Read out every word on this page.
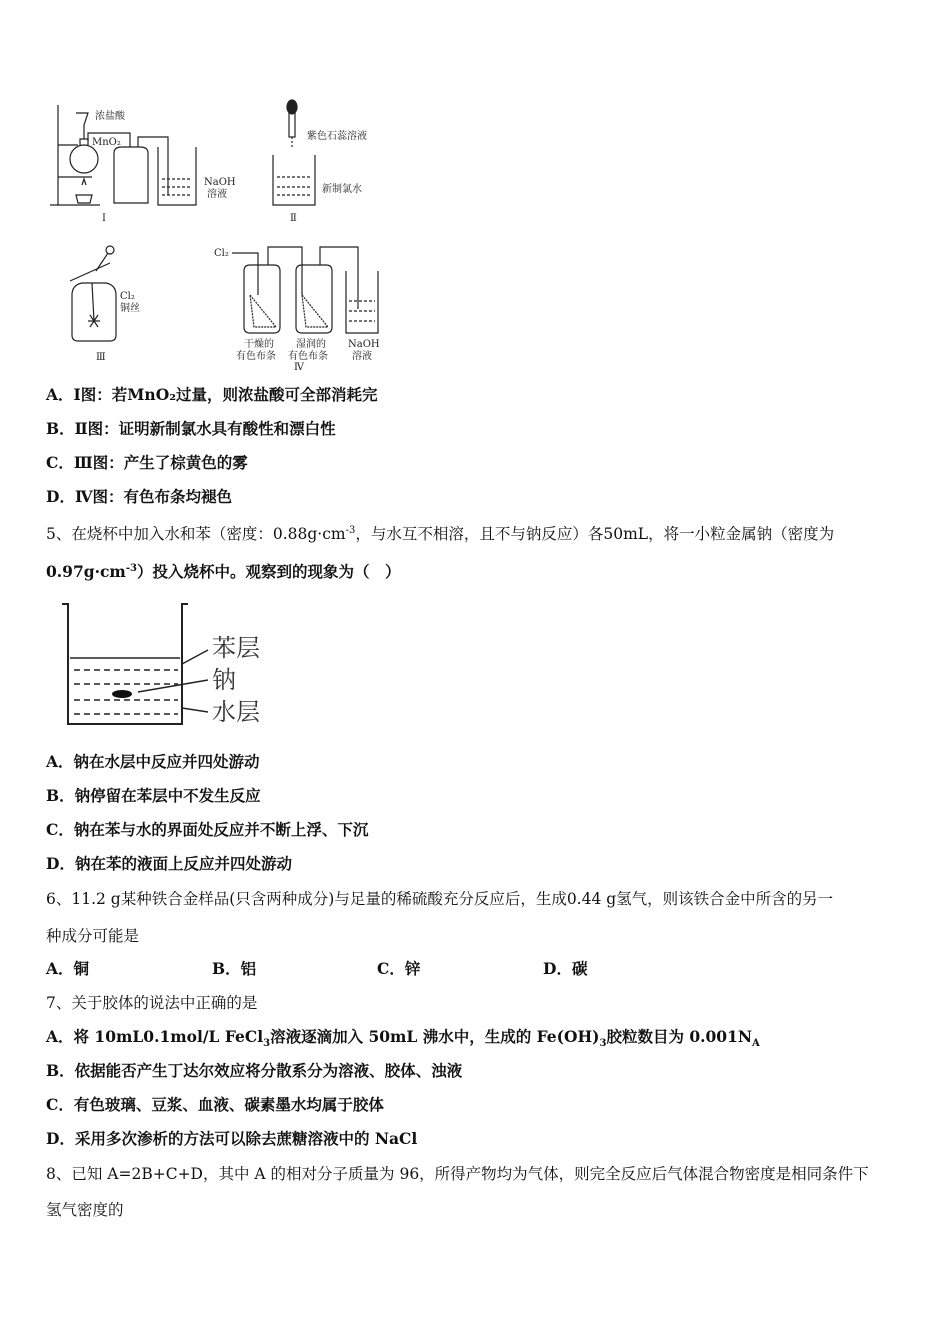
浓盐酸
MnO₂
NaOH
溶液
Ⅰ
紫色石蕊溶液
新制氯水
Ⅱ
Cl₂
铜丝
Ⅲ
Cl₂
干燥的
有色布条
湿润的
有色布条
NaOH
溶液
Ⅳ
A．Ⅰ图：若MnO₂过量，则浓盐酸可全部消耗完
B．Ⅱ图：证明新制氯水具有酸性和漂白性
C．Ⅲ图：产生了棕黄色的雾
D．Ⅳ图：有色布条均褪色
5、在烧杯中加入水和苯（密度：$0.88g\cdot cm^{-3}$，与水互不相溶，且不与钠反应）各50mL，将一小粒金属钠（密度为
$0.97g\cdot cm^{-3}$）投入烧杯中。观察到的现象为（　）
苯层
钠
水层
A．钠在水层中反应并四处游动
B．钠停留在苯层中不发生反应
C．钠在苯与水的界面处反应并不断上浮、下沉
D．钠在苯的液面上反应并四处游动
6、11.2 g某种铁合金样品(只含两种成分)与足量的稀硫酸充分反应后，生成0.44 g氢气，则该铁合金中所含的另一
种成分可能是
A．铜	B．铝	C．锌	D．碳
7、关于胶体的说法中正确的是
A．将 10mL0.1mol/L FeCl$_3$溶液逐滴加入 50mL 沸水中，生成的 $Fe(OH)_3$胶粒数目为 $0.001N_A$
B．依据能否产生丁达尔效应将分散系分为溶液、胶体、浊液
C．有色玻璃、豆浆、血液、碳素墨水均属于胶体
D．采用多次渗析的方法可以除去蔗糖溶液中的 NaCl
8、已知 A=2B+C+D，其中 A 的相对分子质量为 96，所得产物均为气体，则完全反应后气体混合物密度是相同条件下
氢气密度的
